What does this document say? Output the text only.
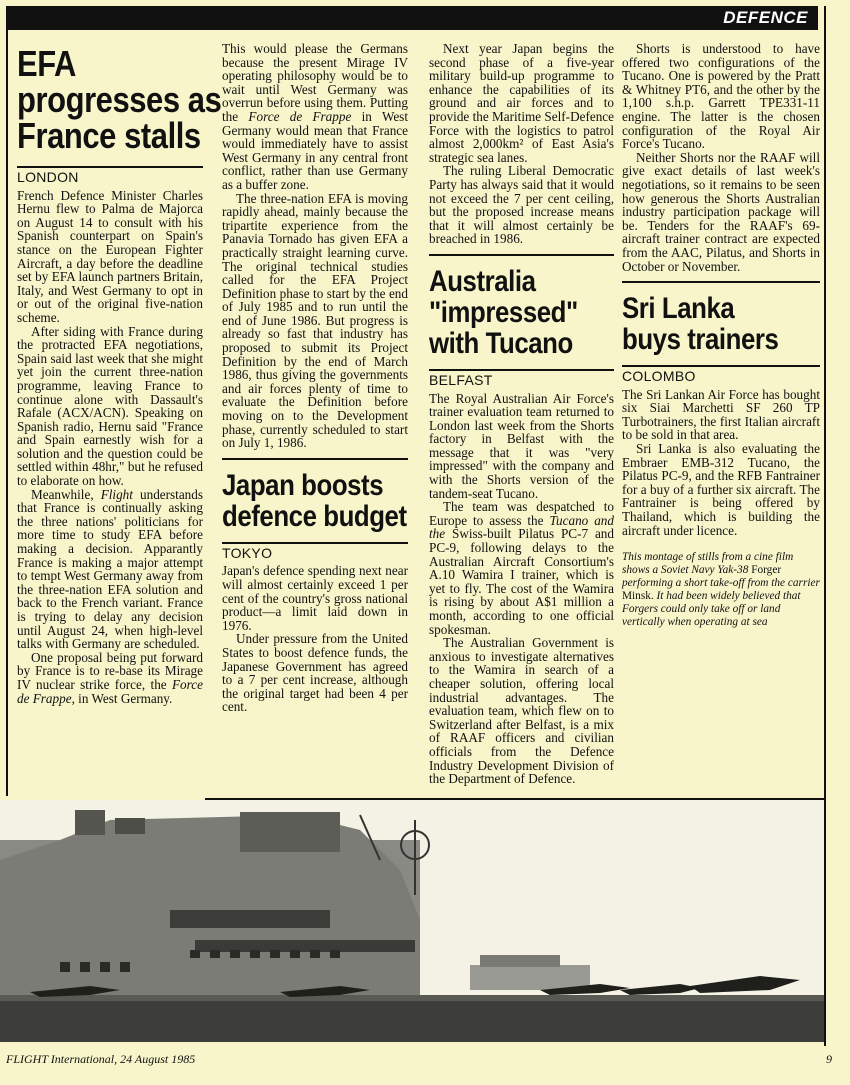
DEFENCE
EFA
progresses as
France stalls
LONDON

French Defence Minister Charles Hernu flew to Palma de Majorca on August 14 to consult with his Spanish counterpart on Spain's stance on the European Fighter Aircraft, a day before the deadline set by EFA launch partners Britain, Italy, and West Germany to opt in or out of the original five-nation scheme.

After siding with France during the protracted EFA negotiations, Spain said last week that she might yet join the current three-nation programme, leaving France to continue alone with Dassault's Rafale (ACX/ACN). Speaking on Spanish radio, Hernu said "France and Spain earnestly wish for a solution and the question could be settled within 48hr," but he refused to elaborate on how.

Meanwhile, Flight understands that France is continually asking the three nations' politicians for more time to study EFA before making a decision. Apparantly France is making a major attempt to tempt West Germany away from the three-nation EFA solution and back to the French variant. France is trying to delay any decision until August 24, when high-level talks with Germany are scheduled.

One proposal being put forward by France is to re-base its Mirage IV nuclear strike force, the Force de Frappe, in West Germany.

This would please the Germans because the present Mirage IV operating philosophy would be to wait until West Germany was overrun before using them. Putting the Force de Frappe in West Germany would mean that France would immediately have to assist West Germany in any central front conflict, rather than use Germany as a buffer zone.

The three-nation EFA is moving rapidly ahead, mainly because the tripartite experience from the Panavia Tornado has given EFA a practically straight learning curve. The original technical studies called for the EFA Project Definition phase to start by the end of July 1985 and to run until the end of June 1986. But progress is already so fast that industry has proposed to submit its Project Definition by the end of March 1986, thus giving the governments and air forces plenty of time to evaluate the Definition before moving on to the Development phase, currently scheduled to start on July 1, 1986.

Japan boosts
defence budget
TOKYO

Japan's defence spending next near will almost certainly exceed 1 per cent of the country's gross national product—a limit laid down in 1976.

Under pressure from the United States to boost defence funds, the Japanese Government has agreed to a 7 per cent increase, although the original target had been 4 per cent.

Next year Japan begins the second phase of a five-year military build-up programme to enhance the capabilities of its ground and air forces and to provide the Maritime Self-Defence Force with the logistics to patrol almost 2,000km² of East Asia's strategic sea lanes.

The ruling Liberal Democratic Party has always said that it would not exceed the 7 per cent ceiling, but the proposed increase means that it will almost certainly be breached in 1986.

Australia
"impressed"
with Tucano
BELFAST

The Royal Australian Air Force's trainer evaluation team returned to London last week from the Shorts factory in Belfast with the message that it was "very impressed" with the company and with the Shorts version of the tandem-seat Tucano.

The team was despatched to Europe to assess the Tucano and the Swiss-built Pilatus PC-7 and PC-9, following delays to the Australian Aircraft Consortium's A.10 Wamira I trainer, which is yet to fly. The cost of the Wamira is rising by about A$1 million a month, according to one official spokesman.

The Australian Government is anxious to investigate alternatives to the Wamira in search of a cheaper solution, offering local industrial advantages. The evaluation team, which flew on to Switzerland after Belfast, is a mix of RAAF officers and civilian officials from the Defence Industry Development Division of the Department of Defence.

Shorts is understood to have offered two configurations of the Tucano. One is powered by the Pratt & Whitney PT6, and the other by the 1,100 s.h.p. Garrett TPE331-11 engine. The latter is the chosen configuration of the Royal Air Force's Tucano.

Neither Shorts nor the RAAF will give exact details of last week's negotiations, so it remains to be seen how generous the Shorts Australian industry participation package will be. Tenders for the RAAF's 69-aircraft trainer contract are expected from the AAC, Pilatus, and Shorts in October or November.

Sri Lanka
buys trainers
COLOMBO

The Sri Lankan Air Force has bought six Siai Marchetti SF 260 TP Turbotrainers, the first Italian aircraft to be sold in that area.

Sri Lanka is also evaluating the Embraer EMB-312 Tucano, the Pilatus PC-9, and the RFB Fantrainer for a buy of a further six aircraft. The Fantrainer is being offered by Thailand, which is building the aircraft under licence.

This montage of stills from a cine film shows a Soviet Navy Yak-38 Forger performing a short take-off from the carrier Minsk. It had been widely believed that Forgers could only take off or land vertically when operating at sea
FLIGHT International, 24 August 1985	9
